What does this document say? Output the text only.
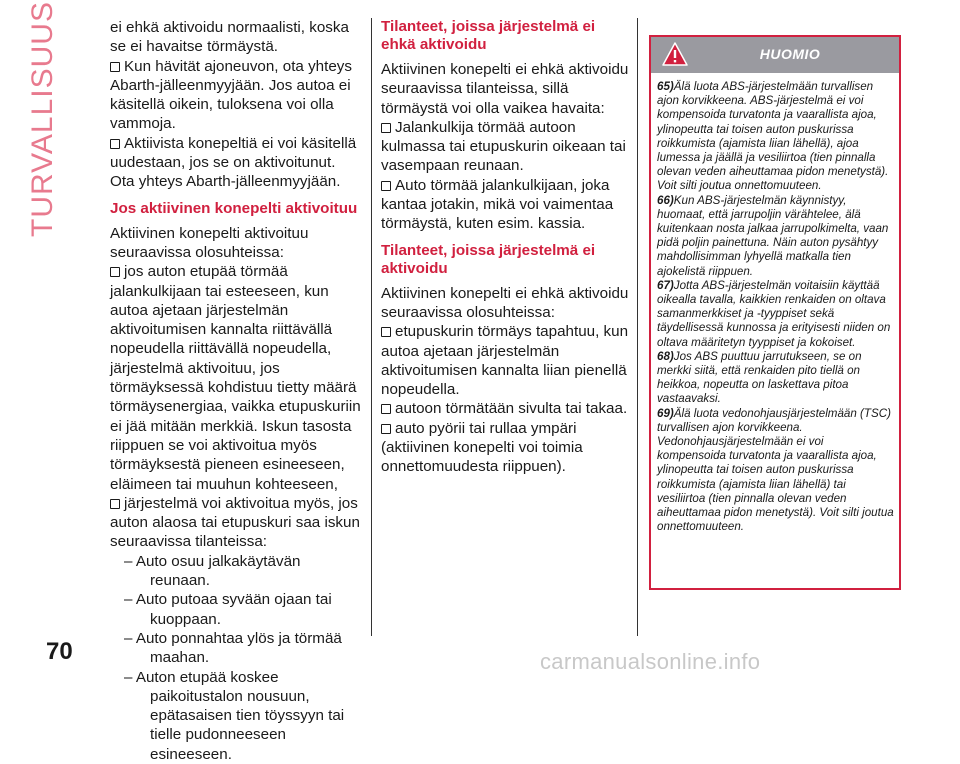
TURVALLISUUS	ei ehkä aktivoidu normaalisti, koska se ei havaitse törmäystä.

Kun hävität ajoneuvon, ota yhteys Abarth-jälleenmyyjään. Jos autoa ei käsitellä oikein, tuloksena voi olla vammoja.

Aktiivista konepeltiä ei voi käsitellä uudestaan, jos se on aktivoitunut. Ota yhteys Abarth-jälleenmyyjään.

Jos aktiivinen konepelti aktivoituu

Aktiivinen konepelti aktivoituu seuraavissa olosuhteissa:

jos auton etupää törmää jalankulkijaan tai esteeseen, kun autoa ajetaan järjestelmän aktivoitumisen kannalta riittävällä nopeudella riittävällä nopeudella, järjestelmä aktivoituu, jos törmäyksessä kohdistuu tietty määrä törmäysenergiaa, vaikka etupuskuriin ei jää mitään merkkiä. Iskun tasosta riippuen se voi aktivoitua myös törmäyksestä pieneen esineeseen, eläimeen tai muuhun kohteeseen,

järjestelmä voi aktivoitua myös, jos auton alaosa tai etupuskuri saa iskun seuraavissa tilanteissa:

– Auto osuu jalkakäytävän reunaan.
– Auto putoaa syvään ojaan tai kuoppaan.
– Auto ponnahtaa ylös ja törmää maahan.
– Auton etupää koskee paikoitustalon nousuun, epätasaisen tien töyssyyn tai tielle pudonneeseen esineeseen.
Tilanteet, joissa järjestelmä ei ehkä aktivoidu

Aktiivinen konepelti ei ehkä aktivoidu seuraavissa tilanteissa, sillä törmäystä voi olla vaikea havaita:

Jalankulkija törmää autoon kulmassa tai etupuskurin oikeaan tai vasempaan reunaan.

Auto törmää jalankulkijaan, joka kantaa jotakin, mikä voi vaimentaa törmäystä, kuten esim. kassia.

Tilanteet, joissa järjestelmä ei aktivoidu

Aktiivinen konepelti ei ehkä aktivoidu seuraavissa olosuhteissa:

etupuskurin törmäys tapahtuu, kun autoa ajetaan järjestelmän aktivoitumisen kannalta liian pienellä nopeudella.

autoon törmätään sivulta tai takaa.

auto pyörii tai rullaa ympäri (aktiivinen konepelti voi toimia onnettomuudesta riippuen).

HUOMIO
65)Älä luota ABS-järjestelmään turvallisen ajon korvikkeena. ABS-järjestelmä ei voi kompensoida turvatonta ja vaarallista ajoa, ylinopeutta tai toisen auton puskurissa roikkumista (ajamista liian lähellä), ajoa lumessa ja jäällä ja vesiliirtoa (tien pinnalla olevan veden aiheuttamaa pidon menetystä). Voit silti joutua onnettomuuteen.
66)Kun ABS-järjestelmän käynnistyy, huomaat, että jarrupoljin värähtelee, älä kuitenkaan nosta jalkaa jarrupolkimelta, vaan pidä poljin painettuna. Näin auton pysähtyy mahdollisimman lyhyellä matkalla tien ajokelistä riippuen.
67)Jotta ABS-järjestelmän voitaisiin käyttää oikealla tavalla, kaikkien renkaiden on oltava samanmerkkiset ja -tyyppiset sekä täydellisessä kunnossa ja erityisesti niiden on oltava määritetyn tyyppiset ja kokoiset.
68)Jos ABS puuttuu jarrutukseen, se on merkki siitä, että renkaiden pito tiellä on heikkoa, nopeutta on laskettava pitoa vastaavaksi.
69)Älä luota vedonohjausjärjestelmään (TSC) turvallisen ajon korvikkeena. Vedonohjausjärjestelmään ei voi kompensoida turvatonta ja vaarallista ajoa, ylinopeutta tai toisen auton puskurissa roikkumista (ajamista liian lähellä) tai vesiliirtoa (tien pinnalla olevan veden aiheuttamaa pidon menetystä). Voit silti joutua onnettomuuteen.
70	carmanualsonline.info
